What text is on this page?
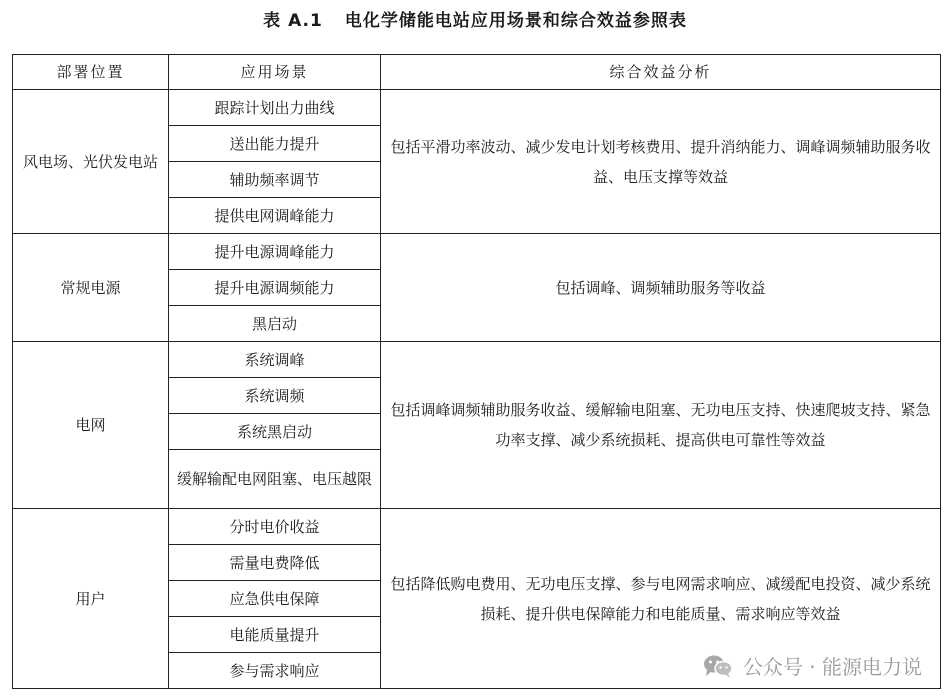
表 A.1 电化学储能电站应用场景和综合效益参照表
部署位置	应用场景	综合效益分析
风电场、光伏发电站	跟踪计划出力曲线	包括平滑功率波动、减少发电计划考核费用、提升消纳能力、调峰调频辅助服务收益、电压支撑等效益
	送出能力提升	
	辅助频率调节	
	提供电网调峰能力	
常规电源	提升电源调峰能力	包括调峰、调频辅助服务等收益
	提升电源调频能力	
	黑启动	
电网	系统调峰	包括调峰调频辅助服务收益、缓解输电阻塞、无功电压支持、快速爬坡支持、紧急功率支撑、减少系统损耗、提高供电可靠性等效益
	系统调频	
	系统黑启动	
	缓解输配电网阻塞、电压越限	
用户	分时电价收益	包括降低购电费用、无功电压支撑、参与电网需求响应、减缓配电投资、减少系统损耗、提升供电保障能力和电能质量、需求响应等效益
	需量电费降低	
	应急供电保障	
	电能质量提升	
	参与需求响应		公众号 · 能源电力说
